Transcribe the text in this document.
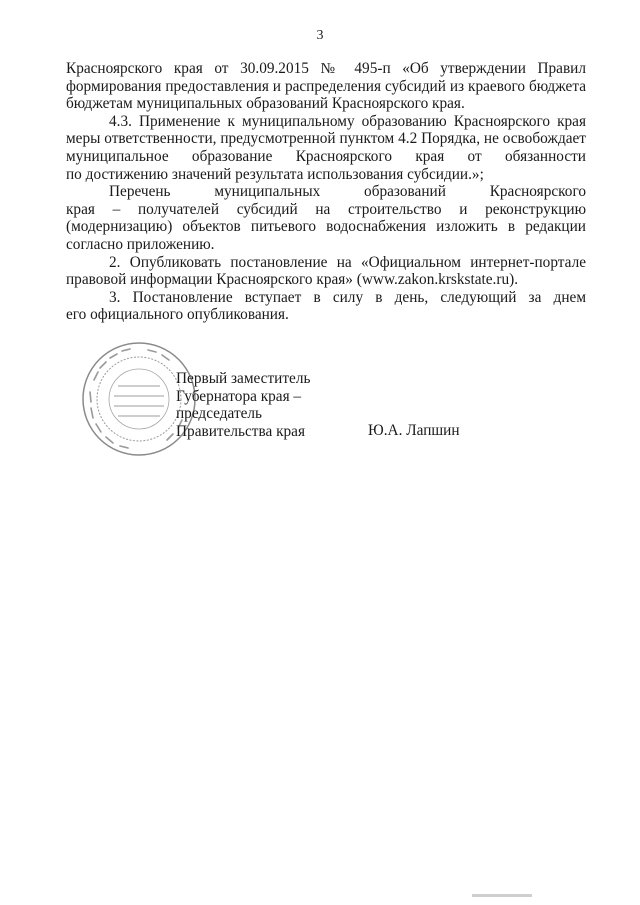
3
Красноярского края от 30.09.2015 № 495-п «Об утверждении Правил
формирования предоставления и распределения субсидий из краевого бюджета
бюджетам муниципальных образований Красноярского края.
4.3. Применение к муниципальному образованию Красноярского края
меры ответственности, предусмотренной пунктом 4.2 Порядка, не освобождает
муниципальное образование Красноярского края от обязанности
по достижению значений результата использования субсидии.»;
Перечень муниципальных образований Красноярского
края – получателей субсидий на строительство и реконструкцию
(модернизацию) объектов питьевого водоснабжения изложить в редакции
согласно приложению.
2. Опубликовать постановление на «Официальном интернет-портале
правовой информации Красноярского края» (www.zakon.krskstate.ru).
3. Постановление вступает в силу в день, следующий за днем
его официального опубликования.
Первый заместитель
Губернатора края –
председатель
Правительства края	Ю.А. Лапшин
